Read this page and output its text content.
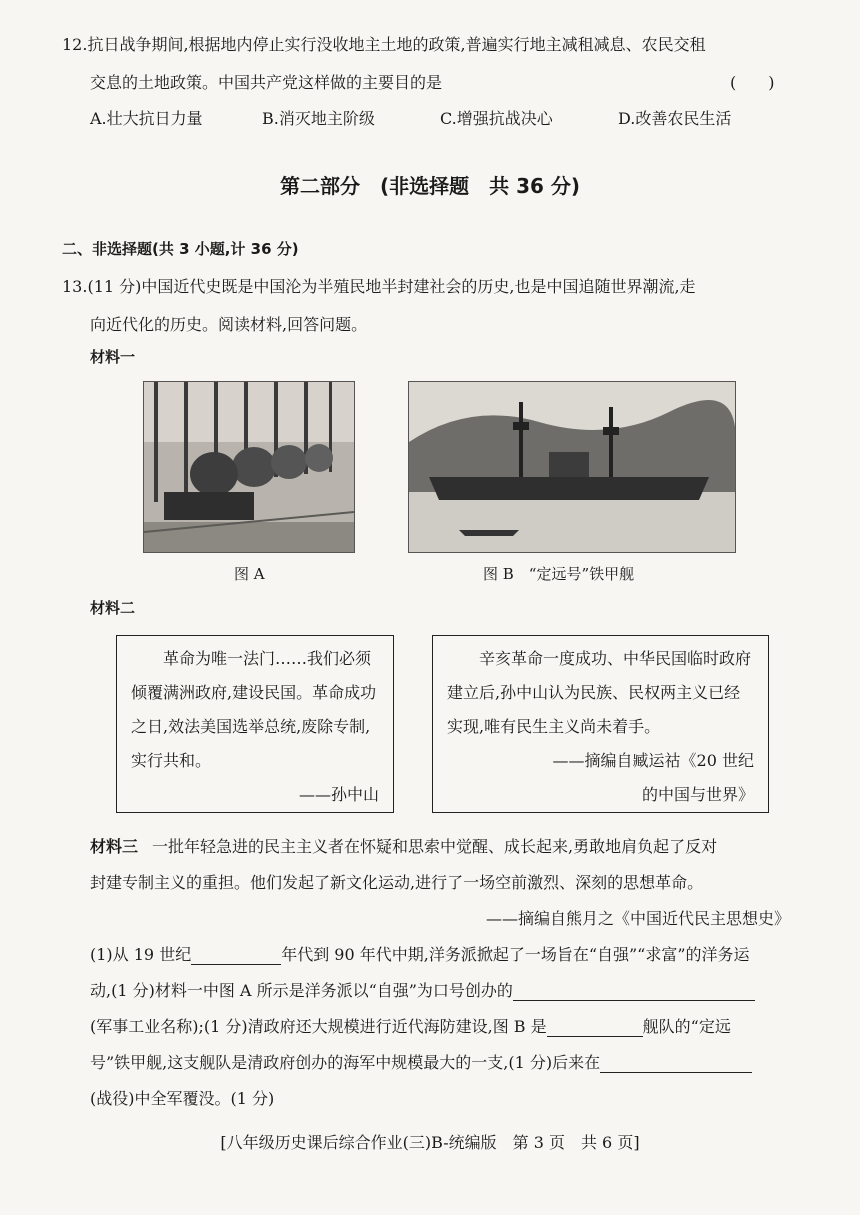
12.抗日战争期间,根据地内停止实行没收地主土地的政策,普遍实行地主减租减息、农民交租
交息的土地政策。中国共产党这样做的主要目的是	(　　)
A.壮大抗日力量	B.消灭地主阶级	C.增强抗战决心	D.改善农民生活
第二部分　(非选择题　共 36 分)
二、非选择题(共 3 小题,计 36 分)
13.(11 分)中国近代史既是中国沦为半殖民地半封建社会的历史,也是中国追随世界潮流,走
向近代化的历史。阅读材料,回答问题。
材料一
图 A	图 B　“定远号”铁甲舰
材料二

革命为唯一法门……我们必须倾覆满洲政府,建设民国。革命成功之日,效法美国选举总统,废除专制,实行共和。

——孙中山

辛亥革命一度成功、中华民国临时政府建立后,孙中山认为民族、民权两主义已经实现,唯有民生主义尚未着手。

——摘编自臧运祜《20 世纪
的中国与世界》
材料三 一批年轻急进的民主主义者在怀疑和思索中觉醒、成长起来,勇敢地肩负起了反对
封建专制主义的重担。他们发起了新文化运动,进行了一场空前激烈、深刻的思想革命。
——摘编自熊月之《中国近代民主思想史》
(1)从 19 世纪	年代到 90 年代中期,洋务派掀起了一场旨在“自强”“求富”的洋务运
动,(1 分)材料一中图 A 所示是洋务派以“自强”为口号创办的
(军事工业名称);(1 分)清政府还大规模进行近代海防建设,图 B 是	舰队的“定远
号”铁甲舰,这支舰队是清政府创办的海军中规模最大的一支,(1 分)后来在
(战役)中全军覆没。(1 分)
[八年级历史课后综合作业(三)B-统编版　第 3 页　共 6 页]
